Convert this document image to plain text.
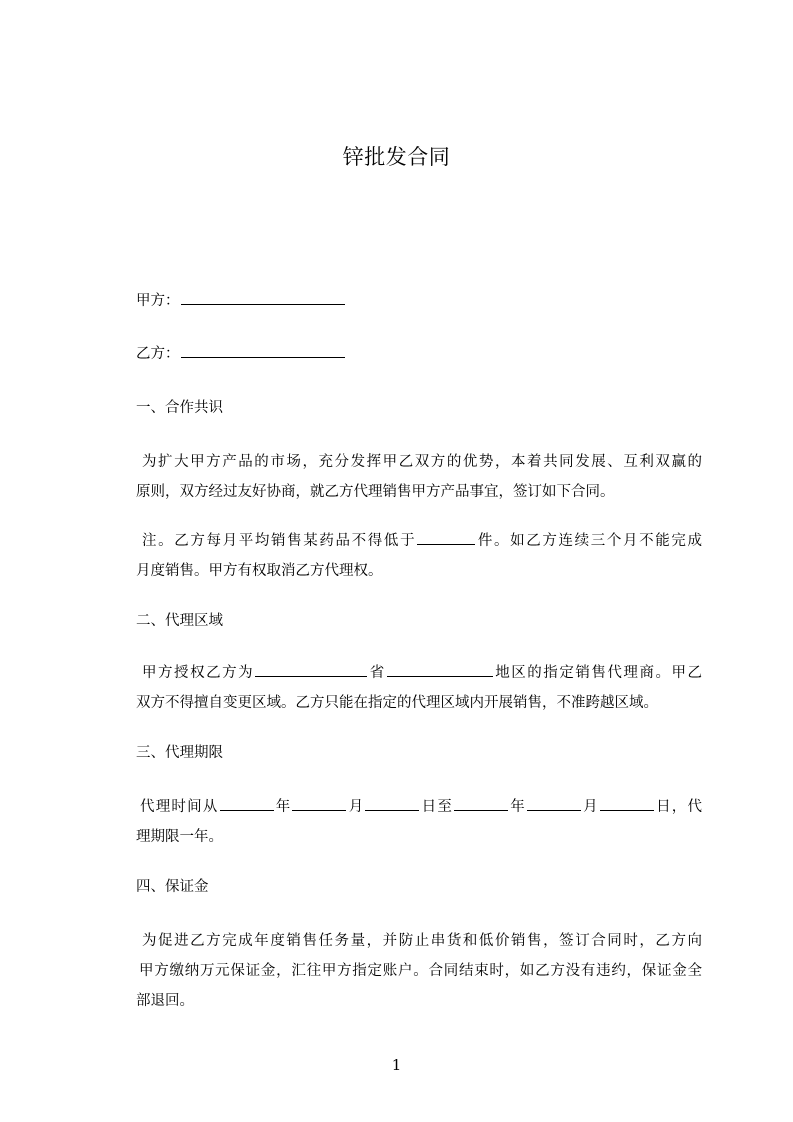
锌批发合同
甲方：
乙方：
一、合作共识
为扩大甲方产品的市场，充分发挥甲乙双方的优势，本着共同发展、互利双赢的
原则，双方经过友好协商，就乙方代理销售甲方产品事宜，签订如下合同。
注。乙方每月平均销售某药品不得低于	件。如乙方连续三个月不能完成
月度销售。甲方有权取消乙方代理权。
二、代理区域
甲方授权乙方为	省	地区的指定销售代理商。甲乙
双方不得擅自变更区域。乙方只能在指定的代理区域内开展销售，不准跨越区域。
三、代理期限
代理时间从	年	月	日至	年	月	日，代
理期限一年。
四、保证金
为促进乙方完成年度销售任务量，并防止串货和低价销售，签订合同时，乙方向
甲方缴纳万元保证金，汇往甲方指定账户。合同结束时，如乙方没有违约，保证金全
部退回。
1
